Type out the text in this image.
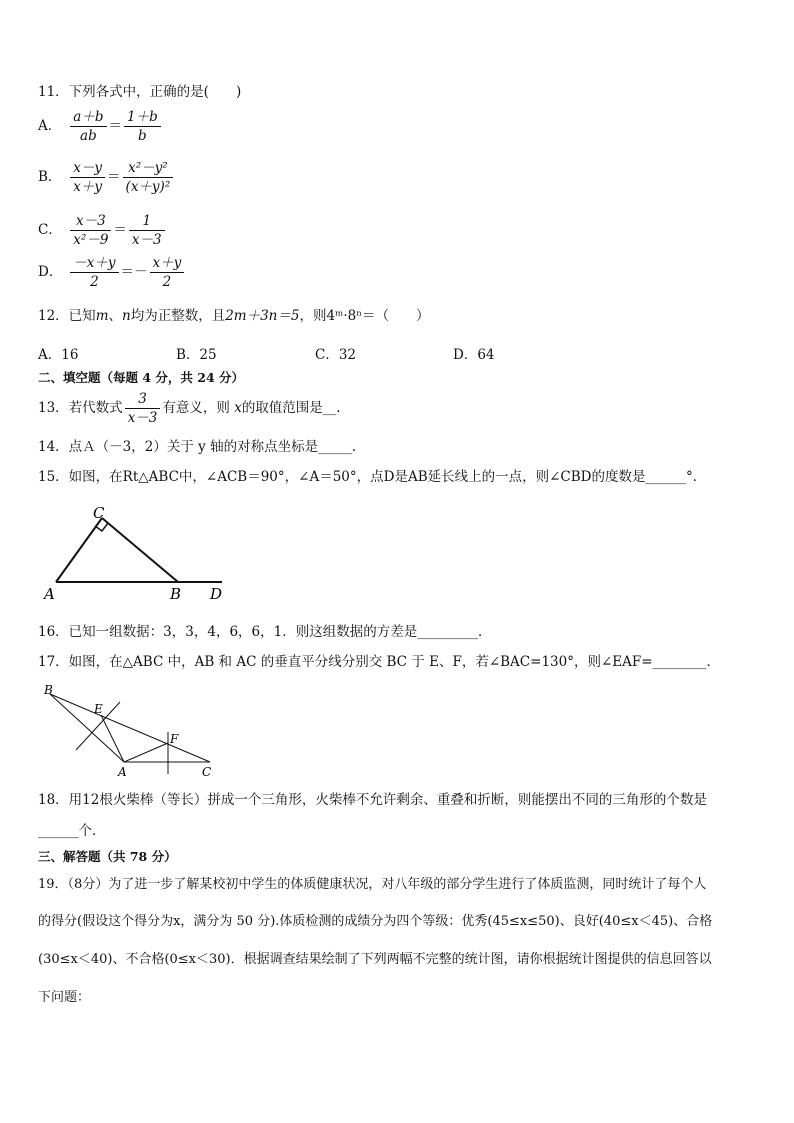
11．下列各式中，正确的是(　　)
A． $\frac{a+b}{ab} = \frac{1+b}{b}$
B． $\frac{x-y}{x+y} = \frac{\text{x²－y²}}{\text{(x＋y)²}}$
C． $\frac{x-3}{\text{x²－9}} = \frac{1}{x-3}$
D． $\frac{-x+y}{2} =- \frac{x+y}{2}$
12．已知m、n均为正整数，且2m＋3n＝5，则4ᵐ·8ⁿ＝（　　）
A．16	B．25	C．32	D．64
二、填空题（每题 4 分，共 24 分）
13．若代数式 $\frac{3}{x-3}$ 有意义，则 x的取值范围是__.
14．点Ａ（－3，2）关于 y 轴的对称点坐标是_____.
15．如图，在Rt△ABC中，∠ACB＝90°，∠A＝50°，点D是AB延长线上的一点，则∠CBD的度数是______°．
C
A	B D
16．已知一组数据：3，3，4，6，6，1．则这组数据的方差是_________．
17．如图，在△ABC 中，AB 和 AC 的垂直平分线分别交 BC 于 E、F，若∠BAC=130°，则∠EAF=________．
B
E
F
A	C
18．用12根火柴棒（等长）拼成一个三角形，火柴棒不允许剩余、重叠和折断，则能摆出不同的三角形的个数是
______个．
三、解答题（共 78 分）
19．（8分）为了进一步了解某校初中学生的体质健康状况，对八年级的部分学生进行了体质监测，同时统计了每个人
的得分(假设这个得分为x，满分为 50 分).体质检测的成绩分为四个等级：优秀(45≤x≤50)、良好(40≤x＜45)、合格
(30≤x＜40)、不合格(0≤x＜30)．根据调查结果绘制了下列两幅不完整的统计图，请你根据统计图提供的信息回答以
下问题：
